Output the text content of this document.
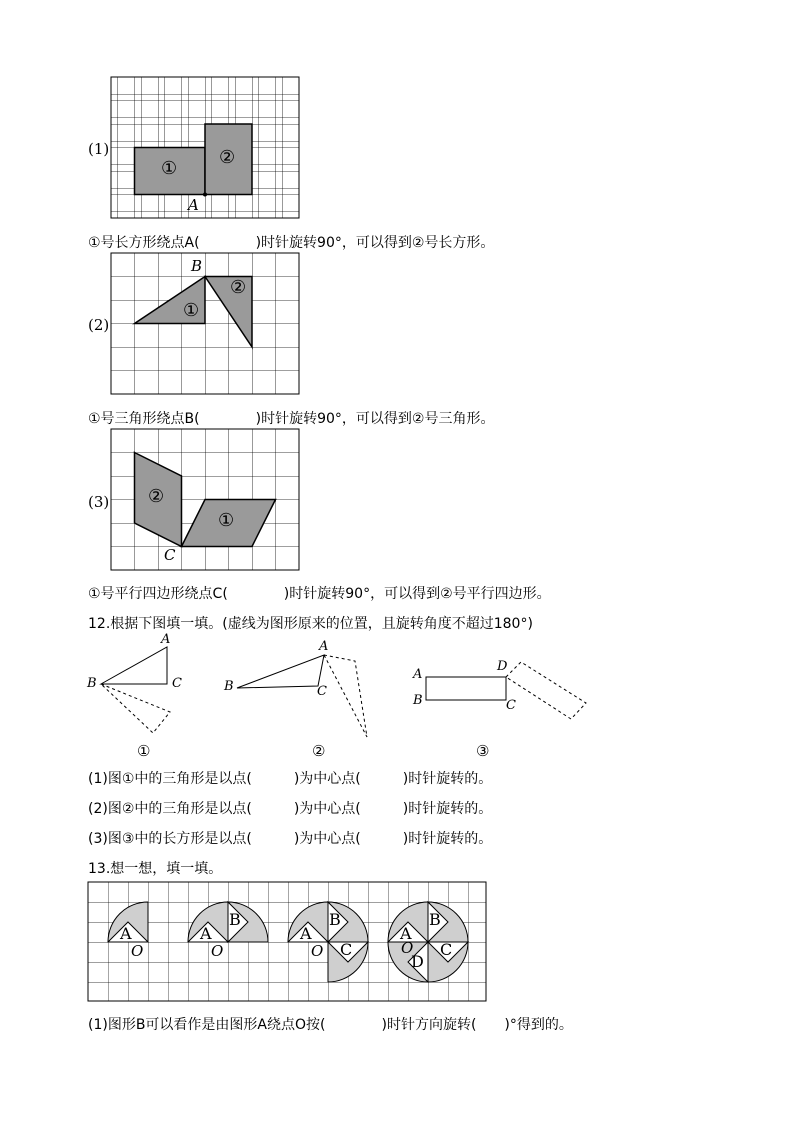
(1)
①
②
A
①号长方形绕点A(　　　　)时针旋转90°，可以得到②号长方形。
(2)
①
②
B
①号三角形绕点B(　　　　)时针旋转90°，可以得到②号三角形。
(3)
①
②
C
①号平行四边形绕点C(　　　　)时针旋转90°，可以得到②号平行四边形。
12.根据下图填一填。(虚线为图形原来的位置，且旋转角度不超过180°)
A
B	C
①
A
B	C
②
A
B	C
D
③
(1)图①中的三角形是以点(　　　)为中心点(　　　)时针旋转的。
(2)图②中的三角形是以点(　　　)为中心点(　　　)时针旋转的。
(3)图③中的长方形是以点(　　　)为中心点(　　　)时针旋转的。
13.想一想，填一填。
A
O
A
B
O
A
B
C
O
A
B
C
D
O
(1)图形B可以看作是由图形A绕点O按(　　　　)时针方向旋转(　　)°得到的。
